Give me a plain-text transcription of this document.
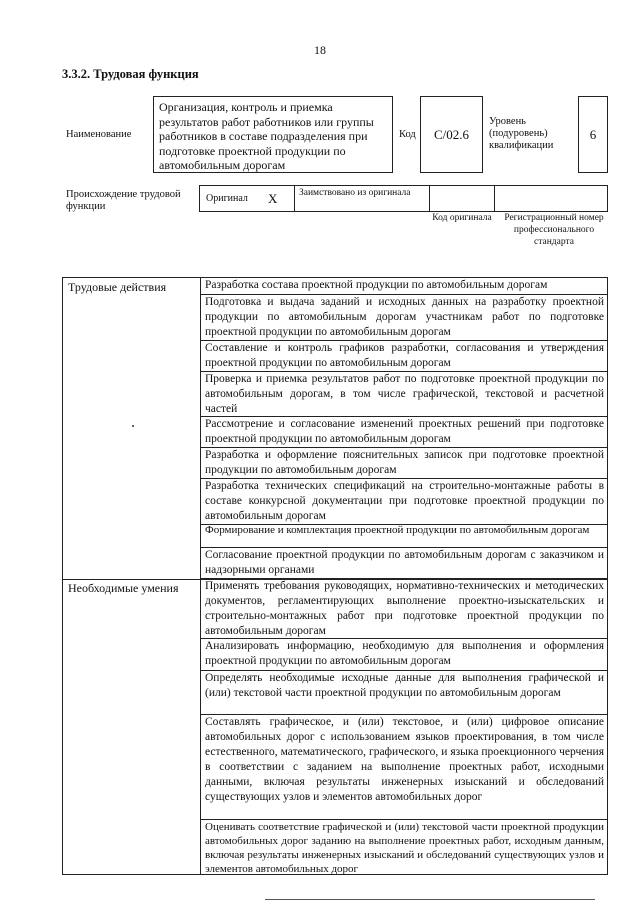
18
3.3.2. Трудовая функция
Наименование
Организация, контроль и приемка результатов работ работников или группы работников в составе подразделения при подготовке проектной продукции по автомобильным дорогам
Код	C/02.6
Уровень (подуровень) квалификации
6
Происхождение трудовой функции
Оригинал X Заимствовано из оригинала
Код оригинала	Регистрационный номер профессионального стандарта
Трудовые действия
Необходимые умения
Разработка состава проектной продукции по автомобильным дорогам
Подготовка и выдача заданий и исходных данных на разработку проектной продукции по автомобильным дорогам участникам работ по подготовке проектной продукции по автомобильным дорогам
Составление и контроль графиков разработки, согласования и утверждения проектной продукции по автомобильным дорогам
Проверка и приемка результатов работ по подготовке проектной продукции по автомобильным дорогам, в том числе графической, текстовой и расчетной частей
Рассмотрение и согласование изменений проектных решений при подготовке проектной продукции по автомобильным дорогам
Разработка и оформление пояснительных записок при подготовке проектной продукции по автомобильным дорогам
Разработка технических спецификаций на строительно-монтажные работы в составе конкурсной документации при подготовке проектной продукции по автомобильным дорогам
Формирование и комплектация проектной продукции по автомобильным дорогам
Согласование проектной продукции по автомобильным дорогам с заказчиком и надзорными органами
Применять требования руководящих, нормативно-технических и методических документов, регламентирующих выполнение проектно-изыскательских и строительно-монтажных работ при подготовке проектной продукции по автомобильным дорогам
Анализировать информацию, необходимую для выполнения и оформления проектной продукции по автомобильным дорогам
Определять необходимые исходные данные для выполнения графической и (или) текстовой части проектной продукции по автомобильным дорогам
Составлять графическое, и (или) текстовое, и (или) цифровое описание автомобильных дорог с использованием языков проектирования, в том числе естественного, математического, графического, и языка проекционного черчения в соответствии с заданием на выполнение проектных работ, исходными данными, включая результаты инженерных изысканий и обследований существующих узлов и элементов автомобильных дорог
Оценивать соответствие графической и (или) текстовой части проектной продукции автомобильных дорог заданию на выполнение проектных работ, исходным данным, включая результаты инженерных изысканий и обследований существующих узлов и элементов автомобильных дорог
